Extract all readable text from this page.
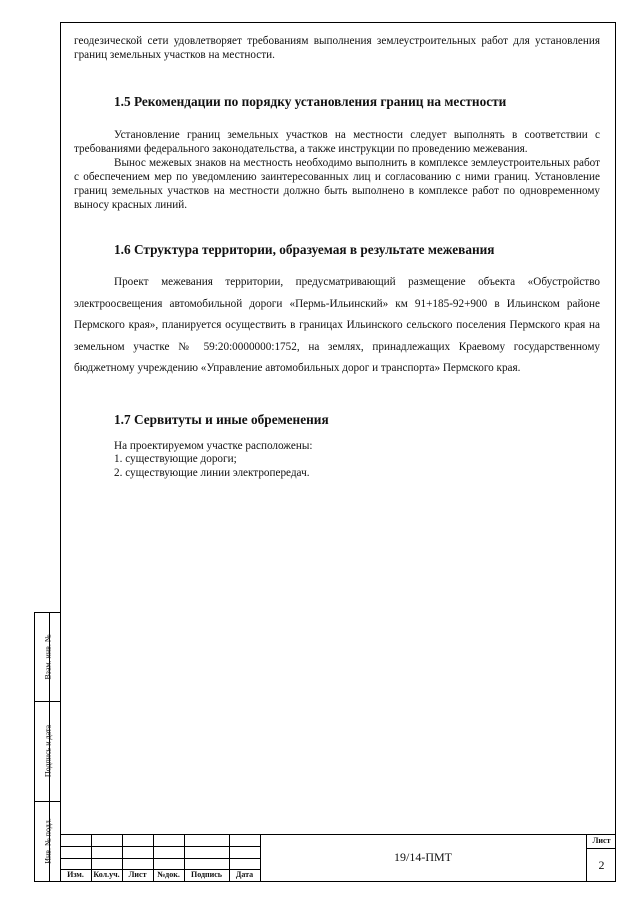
геодезической сети удовлетворяет требованиям выполнения землеустроительных работ для установления границ земельных участков на местности.

1.5 Рекомендации по порядку установления границ на местности

Установление границ земельных участков на местности следует выполнять в соответствии с требованиями федерального законодательства, а также инструкции по проведению межевания.

Вынос межевых знаков на местность необходимо выполнить в комплексе землеустроительных работ с обеспечением мер по уведомлению заинтересованных лиц и согласованию с ними границ. Установление границ земельных участков на местности должно быть выполнено в комплексе работ по одновременному выносу красных линий.

1.6 Структура территории, образуемая в результате межевания

Проект межевания территории, предусматривающий размещение объекта «Обустройство электроосвещения автомобильной дороги «Пермь-Ильинский» км 91+185-92+900 в Ильинском районе Пермского края», планируется осуществить в границах Ильинского сельского поселения Пермского края на земельном участке № 59:20:0000000:1752, на землях, принадлежащих Краевому государственному бюджетному учреждению «Управление автомобильных дорог и транспорта» Пермского края.

1.7 Сервитуты и иные обременения
На проектируемом участке расположены:
1. существующие дороги;
2. существующие линии электропередач.
Взам. инв. №
Подпись и дата
Инв. № подл.
Изм.	Кол.уч.	Лист	№док.	Подпись	Дата
19/14-ПМТ
Лист
2
